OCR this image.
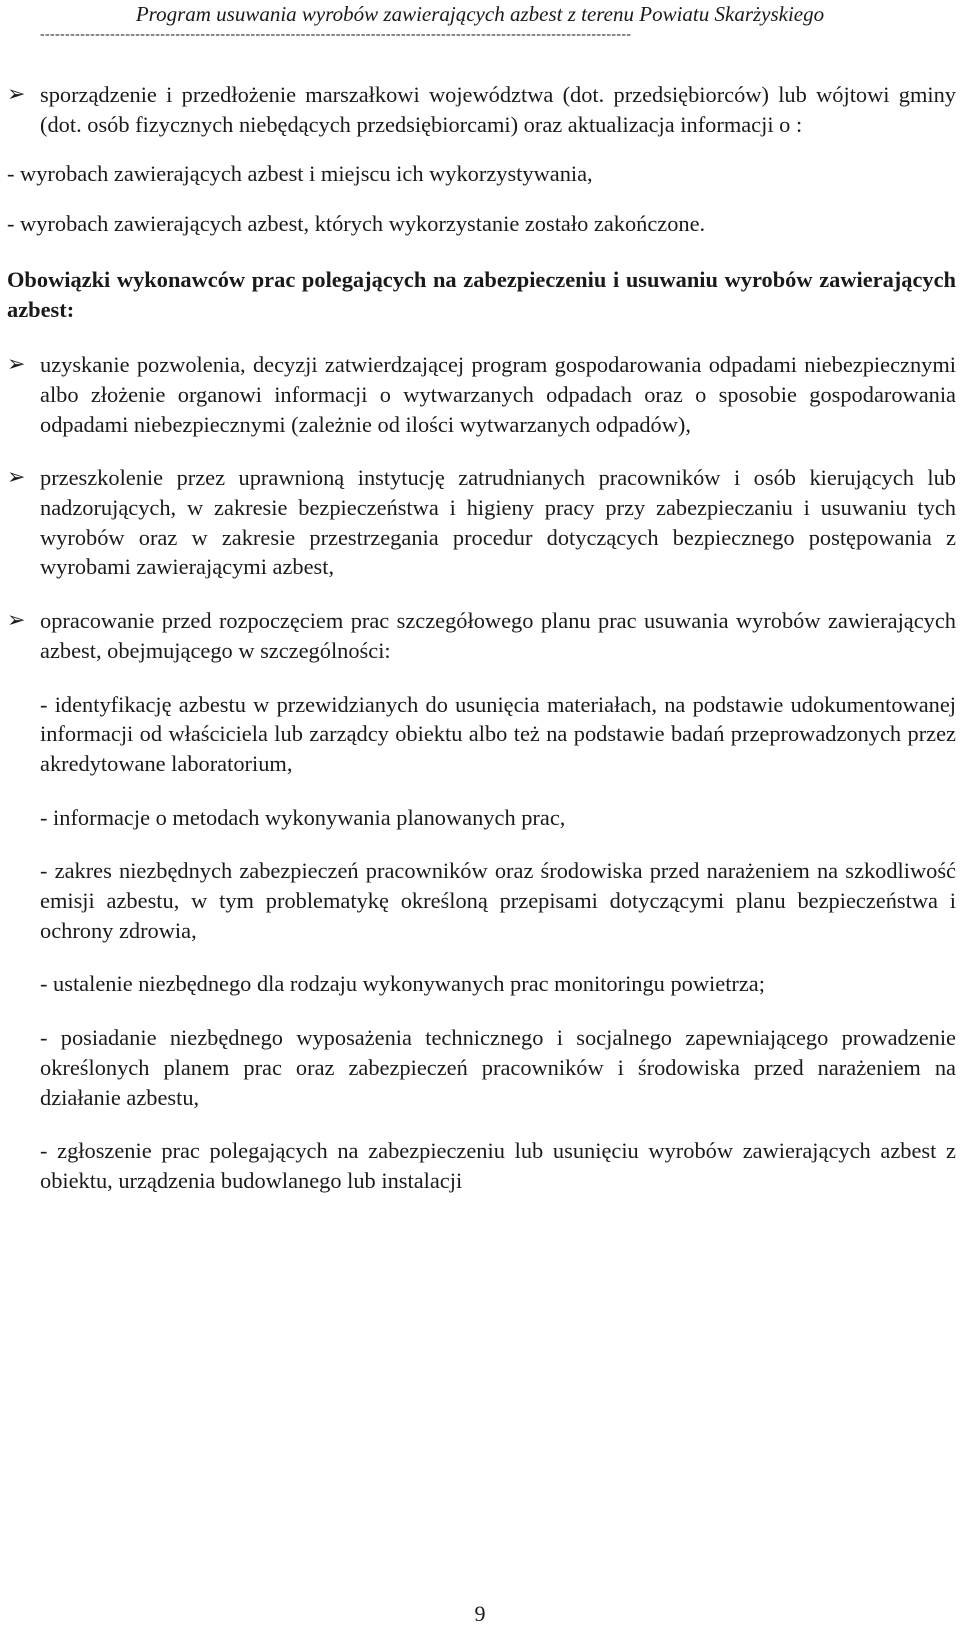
Program usuwania wyrobów zawierających azbest z terenu Powiatu Skarżyskiego
----------------------------------------------------------------------------------------------------------------------
➢ sporządzenie i przedłożenie marszałkowi województwa (dot. przedsiębiorców) lub wójtowi gminy (dot. osób fizycznych niebędących przedsiębiorcami) oraz aktualizacja informacji o :
- wyrobach zawierających azbest i miejscu ich wykorzystywania,
- wyrobach zawierających azbest, których wykorzystanie zostało zakończone.
Obowiązki wykonawców prac polegających na zabezpieczeniu i usuwaniu wyrobów zawierających azbest:
➢ uzyskanie pozwolenia, decyzji zatwierdzającej program gospodarowania odpadami niebezpiecznymi albo złożenie organowi informacji o wytwarzanych odpadach oraz o sposobie gospodarowania odpadami niebezpiecznymi (zależnie od ilości wytwarzanych odpadów),
➢ przeszkolenie przez uprawnioną instytucję zatrudnianych pracowników i osób kierujących lub nadzorujących, w zakresie bezpieczeństwa i higieny pracy przy zabezpieczaniu i usuwaniu tych wyrobów oraz w zakresie przestrzegania procedur dotyczących bezpiecznego postępowania z wyrobami zawierającymi azbest,
➢ opracowanie przed rozpoczęciem prac szczegółowego planu prac usuwania wyrobów zawierających azbest, obejmującego w szczególności:
- identyfikację azbestu w przewidzianych do usunięcia materiałach, na podstawie udokumentowanej informacji od właściciela lub zarządcy obiektu albo też na podstawie badań przeprowadzonych przez akredytowane laboratorium,
- informacje o metodach wykonywania planowanych prac,
- zakres niezbędnych zabezpieczeń pracowników oraz środowiska przed narażeniem na szkodliwość emisji azbestu, w tym problematykę określoną przepisami dotyczącymi planu bezpieczeństwa i ochrony zdrowia,
- ustalenie niezbędnego dla rodzaju wykonywanych prac monitoringu powietrza;
- posiadanie niezbędnego wyposażenia technicznego i socjalnego zapewniającego prowadzenie określonych planem prac oraz zabezpieczeń pracowników i środowiska przed narażeniem na działanie azbestu,
- zgłoszenie prac polegających na zabezpieczeniu lub usunięciu wyrobów zawierających azbest z obiektu, urządzenia budowlanego lub instalacji
9
